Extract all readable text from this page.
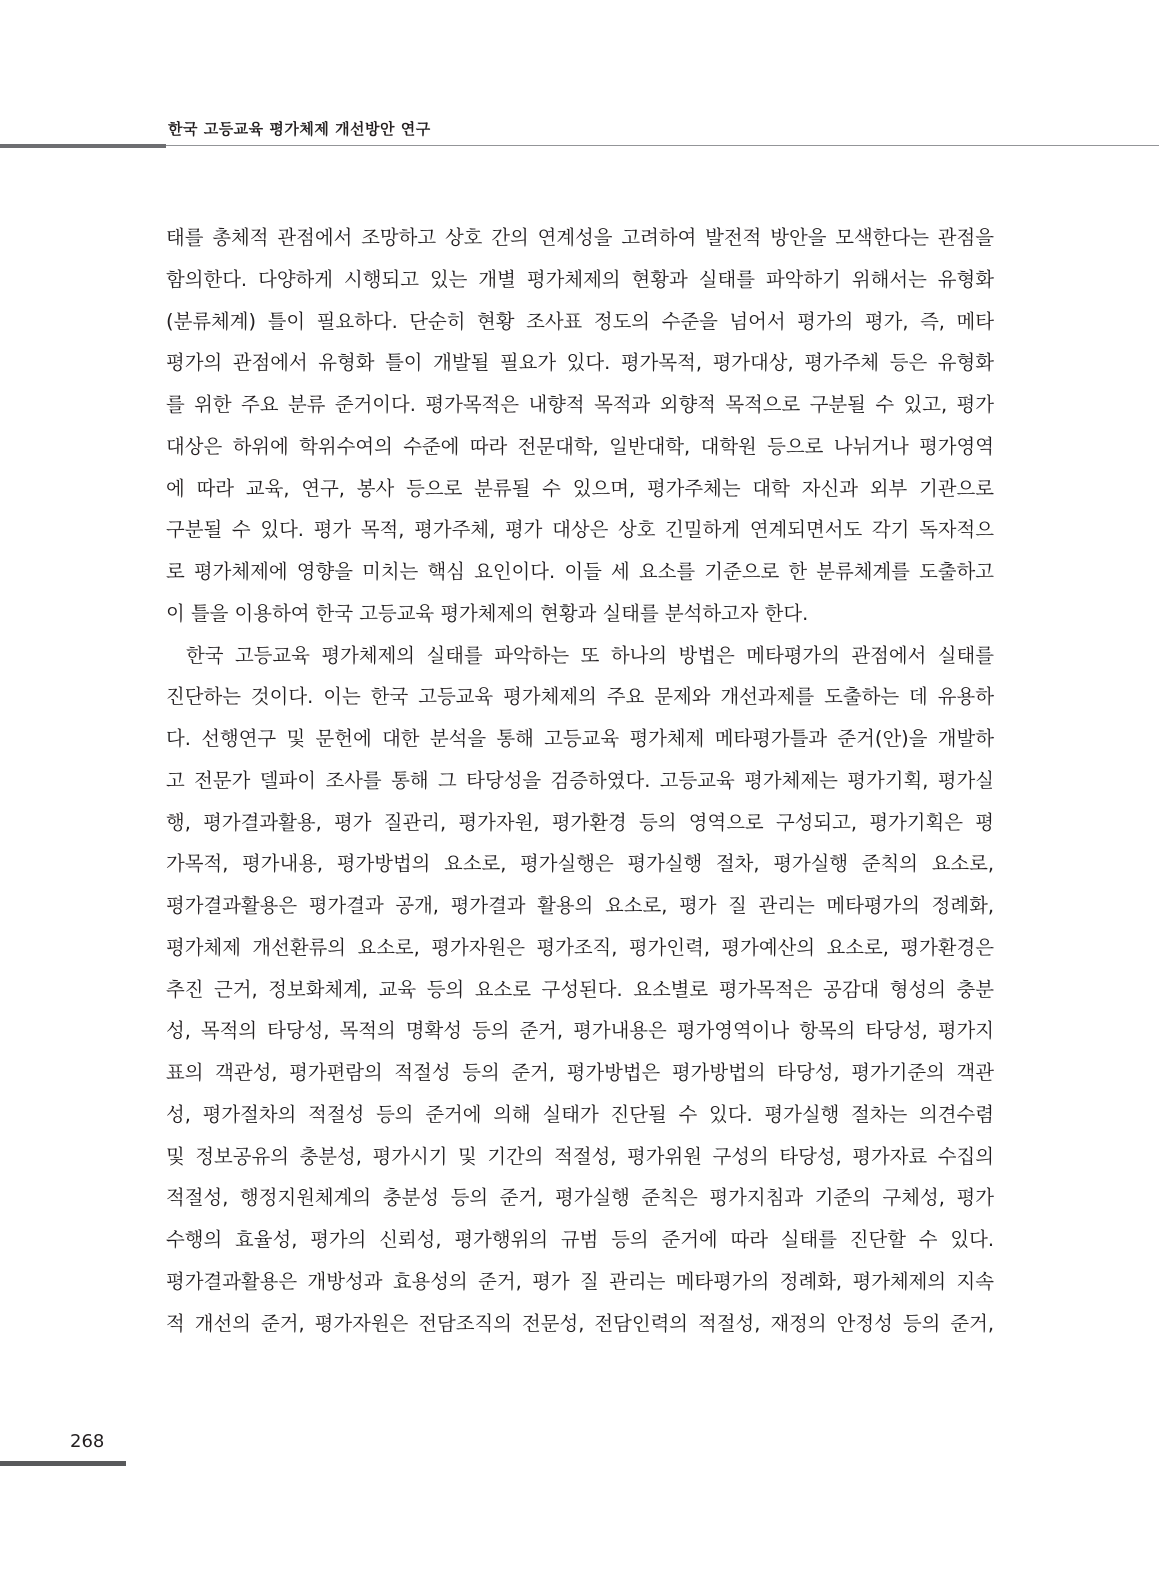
한국 고등교육 평가체제 개선방안 연구
태를 총체적 관점에서 조망하고 상호 간의 연계성을 고려하여 발전적 방안을 모색한다는 관점을
함의한다. 다양하게 시행되고 있는 개별 평가체제의 현황과 실태를 파악하기 위해서는 유형화
(분류체계) 틀이 필요하다. 단순히 현황 조사표 정도의 수준을 넘어서 평가의 평가, 즉, 메타
평가의 관점에서 유형화 틀이 개발될 필요가 있다. 평가목적, 평가대상, 평가주체 등은 유형화
를 위한 주요 분류 준거이다. 평가목적은 내향적 목적과 외향적 목적으로 구분될 수 있고, 평가
대상은 하위에 학위수여의 수준에 따라 전문대학, 일반대학, 대학원 등으로 나뉘거나 평가영역
에 따라 교육, 연구, 봉사 등으로 분류될 수 있으며, 평가주체는 대학 자신과 외부 기관으로
구분될 수 있다. 평가 목적, 평가주체, 평가 대상은 상호 긴밀하게 연계되면서도 각기 독자적으
로 평가체제에 영향을 미치는 핵심 요인이다. 이들 세 요소를 기준으로 한 분류체계를 도출하고
이 틀을 이용하여 한국 고등교육 평가체제의 현황과 실태를 분석하고자 한다.
한국 고등교육 평가체제의 실태를 파악하는 또 하나의 방법은 메타평가의 관점에서 실태를
진단하는 것이다. 이는 한국 고등교육 평가체제의 주요 문제와 개선과제를 도출하는 데 유용하
다. 선행연구 및 문헌에 대한 분석을 통해 고등교육 평가체제 메타평가틀과 준거(안)을 개발하
고 전문가 델파이 조사를 통해 그 타당성을 검증하였다. 고등교육 평가체제는 평가기획, 평가실
행, 평가결과활용, 평가 질관리, 평가자원, 평가환경 등의 영역으로 구성되고, 평가기획은 평
가목적, 평가내용, 평가방법의 요소로, 평가실행은 평가실행 절차, 평가실행 준칙의 요소로,
평가결과활용은 평가결과 공개, 평가결과 활용의 요소로, 평가 질 관리는 메타평가의 정례화,
평가체제 개선환류의 요소로, 평가자원은 평가조직, 평가인력, 평가예산의 요소로, 평가환경은
추진 근거, 정보화체계, 교육 등의 요소로 구성된다. 요소별로 평가목적은 공감대 형성의 충분
성, 목적의 타당성, 목적의 명확성 등의 준거, 평가내용은 평가영역이나 항목의 타당성, 평가지
표의 객관성, 평가편람의 적절성 등의 준거, 평가방법은 평가방법의 타당성, 평가기준의 객관
성, 평가절차의 적절성 등의 준거에 의해 실태가 진단될 수 있다. 평가실행 절차는 의견수렴
및 정보공유의 충분성, 평가시기 및 기간의 적절성, 평가위원 구성의 타당성, 평가자료 수집의
적절성, 행정지원체계의 충분성 등의 준거, 평가실행 준칙은 평가지침과 기준의 구체성, 평가
수행의 효율성, 평가의 신뢰성, 평가행위의 규범 등의 준거에 따라 실태를 진단할 수 있다.
평가결과활용은 개방성과 효용성의 준거, 평가 질 관리는 메타평가의 정례화, 평가체제의 지속
적 개선의 준거, 평가자원은 전담조직의 전문성, 전담인력의 적절성, 재정의 안정성 등의 준거,
268
